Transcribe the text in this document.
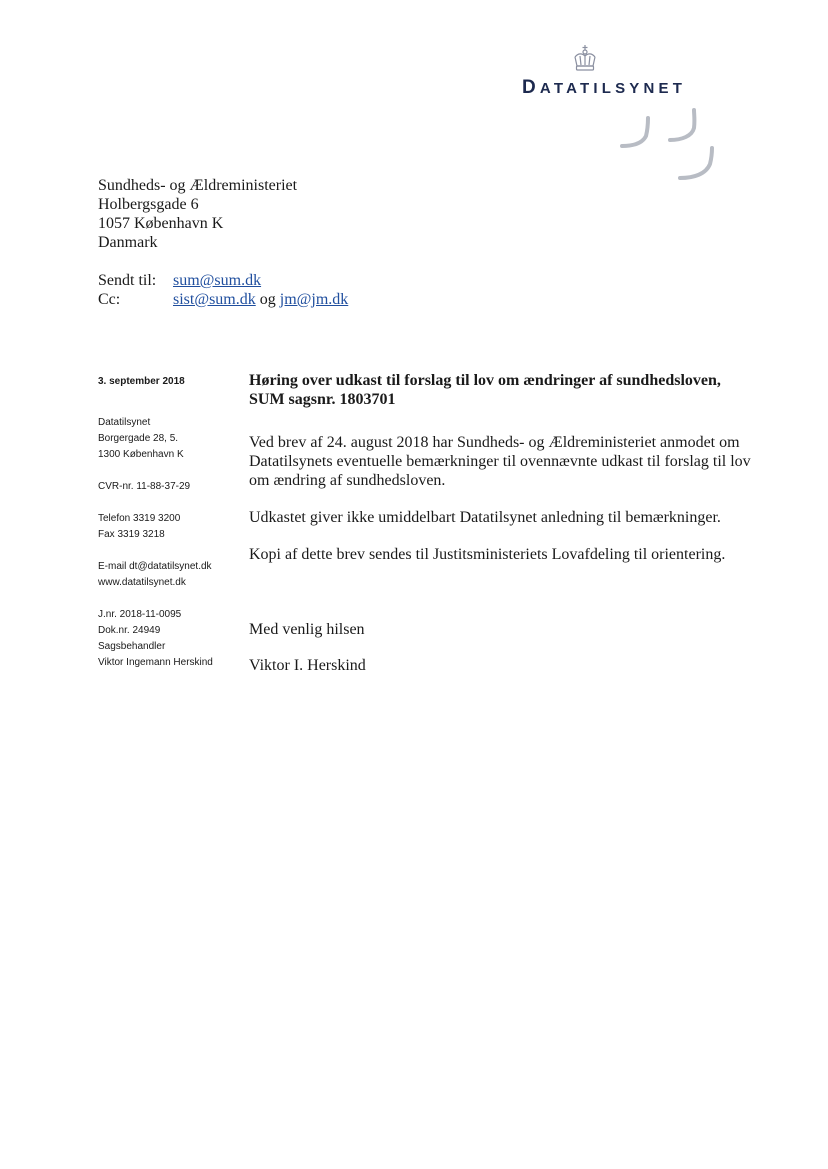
DATATILSYNET
Sundheds- og Ældreministeriet
Holbergsgade 6
1057 København K
Danmark
Sendt til:	sum@sum.dk
Cc:	sist@sum.dk og jm@jm.dk
3. september 2018
Datatilsynet
Borgergade 28, 5.
1300 København K
CVR-nr. 11-88-37-29
Telefon 3319 3200
Fax 3319 3218
E-mail dt@datatilsynet.dk
www.datatilsynet.dk
J.nr. 2018-11-0095
Dok.nr. 24949
Sagsbehandler
Viktor Ingemann Herskind
Høring over udkast til forslag til lov om ændringer af sundhedsloven,
SUM sagsnr. 1803701
Ved brev af 24. august 2018 har Sundheds- og Ældreministeriet anmodet om
Datatilsynets eventuelle bemærkninger til ovennævnte udkast til forslag til lov
om ændring af sundhedsloven.
Udkastet giver ikke umiddelbart Datatilsynet anledning til bemærkninger.
Kopi af dette brev sendes til Justitsministeriets Lovafdeling til orientering.
Med venlig hilsen
Viktor I. Herskind
